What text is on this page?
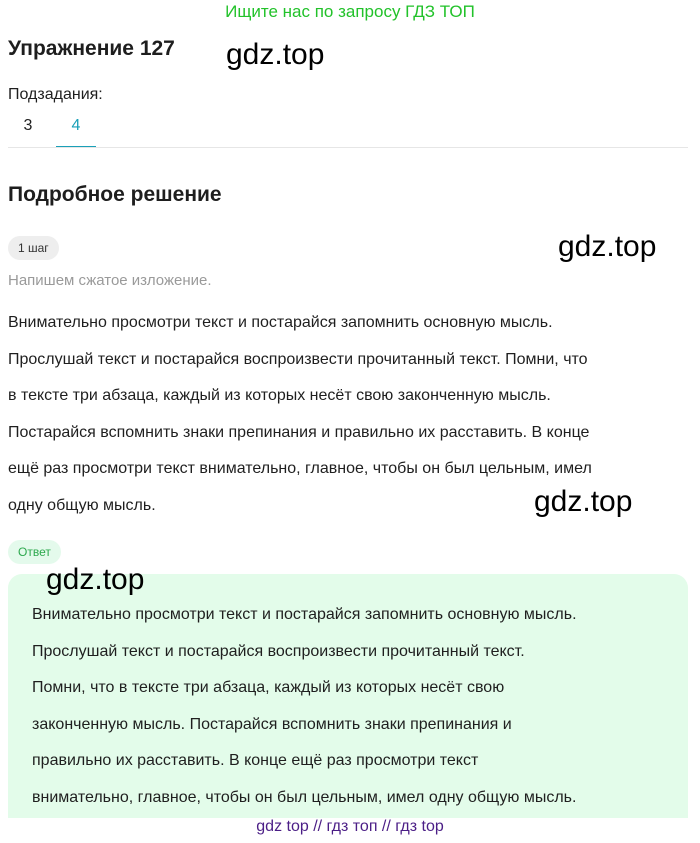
Ищите нас по запросу ГДЗ ТОП
Упражнение 127 gdz.top
gdz.top
gdz.top
Подзадания:
3	4
Подробное решение
1 шаг
Напишем сжатое изложение.
Внимательно просмотри текст и постарайся запомнить основную мысль.
Прослушай текст и постарайся воспроизвести прочитанный текст. Помни, что
в тексте три абзаца, каждый из которых несёт свою законченную мысль.
Постарайся вспомнить знаки препинания и правильно их расставить. В конце
ещё раз просмотри текст внимательно, главное, чтобы он был цельным, имел
одну общую мысль.
Ответ
Внимательно просмотри текст и постарайся запомнить основную мысль.
Прослушай текст и постарайся воспроизвести прочитанный текст.
Помни, что в тексте три абзаца, каждый из которых несёт свою
законченную мысль. Постарайся вспомнить знаки препинания и
правильно их расставить. В конце ещё раз просмотри текст
внимательно, главное, чтобы он был цельным, имел одну общую мысль.
gdz.top
gdz top // гдз топ // гдз top
